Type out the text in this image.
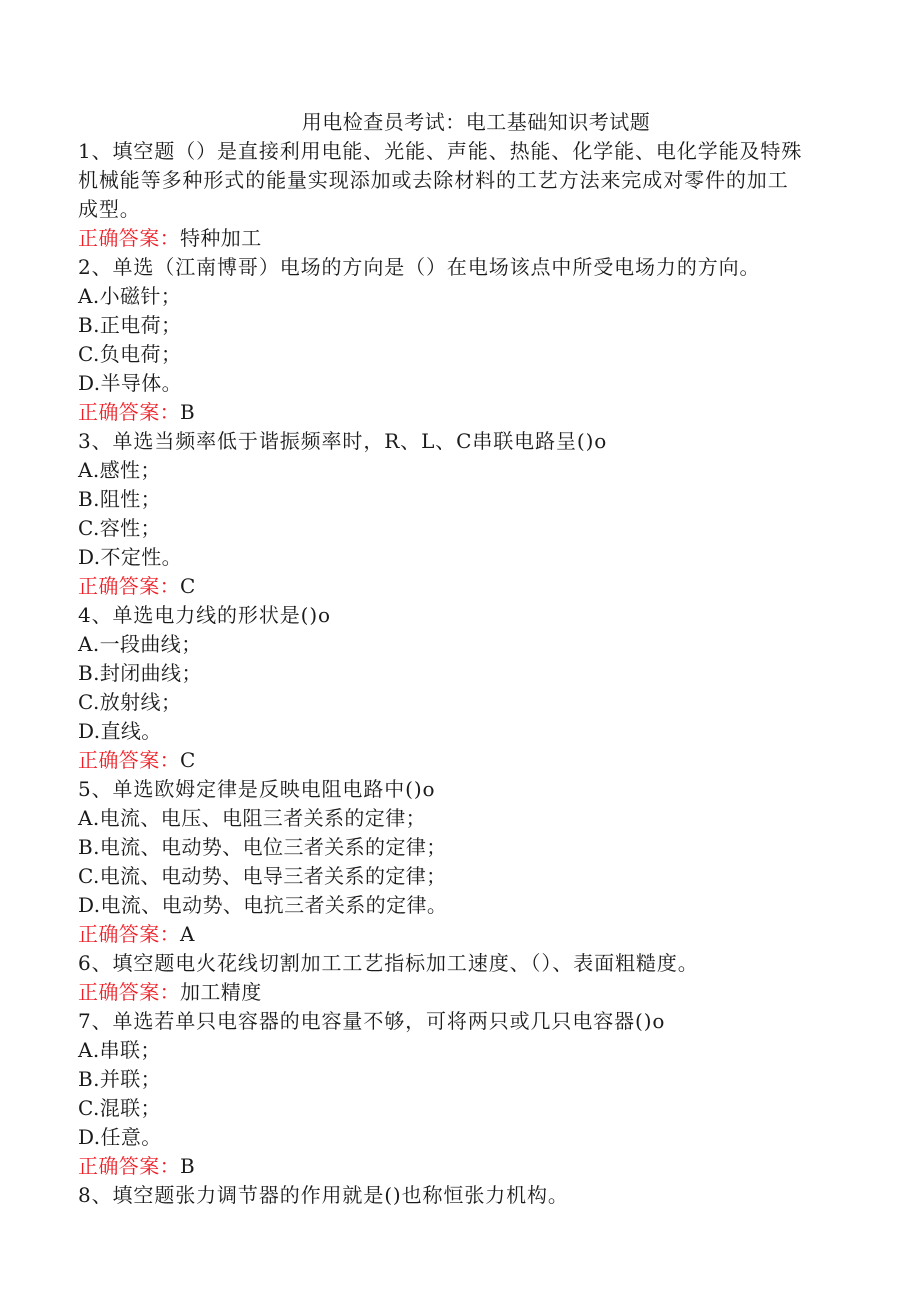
用电检查员考试：电工基础知识考试题
1、填空题（）是直接利用电能、光能、声能、热能、化学能、电化学能及特殊
机械能等多种形式的能量实现添加或去除材料的工艺方法来完成对零件的加工
成型。
正确答案： 特种加工
2、单选（江南博哥）电场的方向是（）在电场该点中所受电场力的方向。
A.小磁针；
B.正电荷；
C.负电荷；
D.半导体。
正确答案： B
3、单选当频率低于谐振频率时，R、L、C串联电路呈()o
A.感性；
B.阻性；
C.容性；
D.不定性。
正确答案： C
4、单选电力线的形状是()o
A.一段曲线；
B.封闭曲线；
C.放射线；
D.直线。
正确答案： C
5、单选欧姆定律是反映电阻电路中()o
A.电流、电压、电阻三者关系的定律；
B.电流、电动势、电位三者关系的定律；
C.电流、电动势、电导三者关系的定律；
D.电流、电动势、电抗三者关系的定律。
正确答案： A
6、填空题电火花线切割加工工艺指标加工速度、（）、表面粗糙度。
正确答案： 加工精度
7、单选若单只电容器的电容量不够，可将两只或几只电容器()o
A.串联；
B.并联；
C.混联；
D.任意。
正确答案： B
8、填空题张力调节器的作用就是()也称恒张力机构。
